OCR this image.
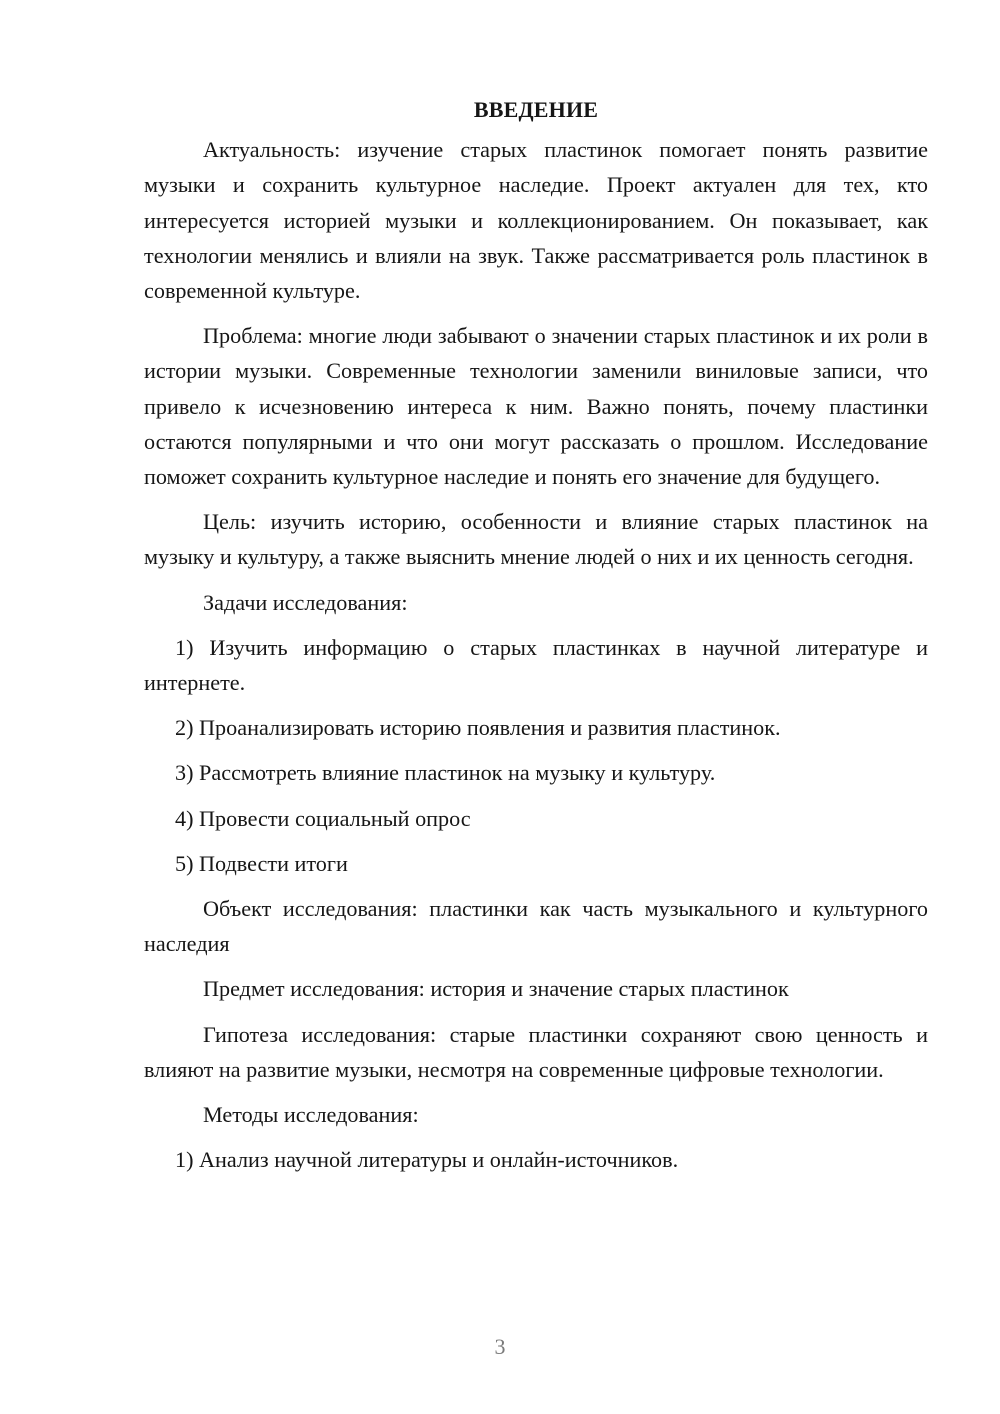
ВВЕДЕНИЕ

Актуальность: изучение старых пластинок помогает понять развитие музыки и сохранить культурное наследие. Проект актуален для тех, кто интересуется историей музыки и коллекционированием. Он показывает, как технологии менялись и влияли на звук. Также рассматривается роль пластинок в современной культуре.

Проблема: многие люди забывают о значении старых пластинок и их роли в истории музыки. Современные технологии заменили виниловые записи, что привело к исчезновению интереса к ним. Важно понять, почему пластинки остаются популярными и что они могут рассказать о прошлом. Исследование поможет сохранить культурное наследие и понять его значение для будущего.

Цель: изучить историю, особенности и влияние старых пластинок на музыку и культуру, а также выяснить мнение людей о них и их ценность сегодня.

Задачи исследования:

1) Изучить информацию о старых пластинках в научной литературе и интернете.

2) Проанализировать историю появления и развития пластинок.

3) Рассмотреть влияние пластинок на музыку и культуру.

4) Провести социальный опрос

5) Подвести итоги

Объект исследования: пластинки как часть музыкального и культурного наследия

Предмет исследования: история и значение старых пластинок

Гипотеза исследования: старые пластинки сохраняют свою ценность и влияют на развитие музыки, несмотря на современные цифровые технологии.

Методы исследования:

1) Анализ научной литературы и онлайн-источников.

3
